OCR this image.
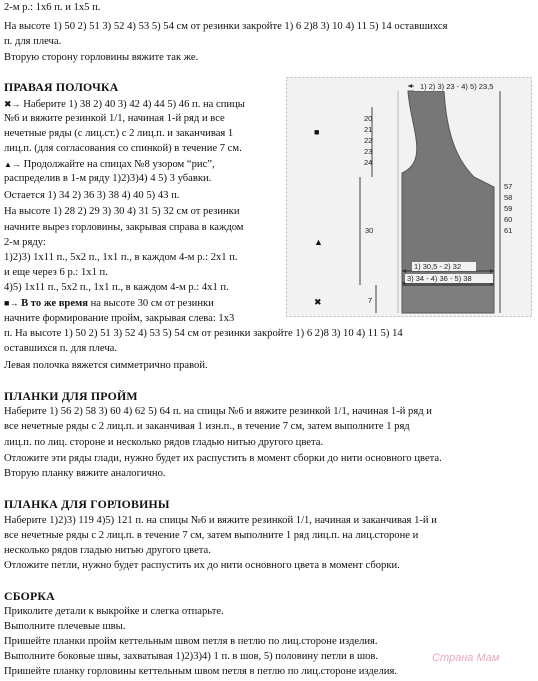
2-м р.: 1х6 п. и 1х5 п.
На высоте 1) 50 2) 51 3) 52 4) 53 5) 54 см от резинки закройте 1) 6 2)8 3) 10 4) 11 5) 14 оставшихся
п. для плеча.
Вторую сторону горловины вяжите так же.
ПРАВАЯ ПОЛОЧКА
✖→ Наберите 1) 38 2) 40 3) 42 4) 44 5) 46 п. на спицы
№6 и вяжите резинкой 1/1, начиная 1-й ряд и все
нечетные ряды (с лиц.ст.) с 2 лиц.п. и заканчивая 1
лиц.п. (для согласования со спинкой) в течение 7 см.
▲→ Продолжайте на спицах №8 узором “рис”,
распределив в 1-м ряду 1)2)3)4) 4 5) 3 убавки.
Остается 1) 34 2) 36 3) 38 4) 40 5) 43 п.
На высоте 1) 28 2) 29 3) 30 4) 31 5) 32 см от резинки
начните вырез горловины, закрывая справа в каждом
2-м ряду:
1)2)3) 1х11 п., 5х2 п., 1х1 п., в каждом 4-м р.: 2х1 п.
и еще через 6 р.: 1х1 п.
4)5) 1х11 п., 5х2 п., 1х1 п., в каждом 4-м р.: 4х1 п.
■→ В то же время на высоте 30 см от резинки
начните формирование пройм, закрывая слева: 1х3
п. На высоте 1) 50 2) 51 3) 52 4) 53 5) 54 см от резинки закройте 1) 6 2)8 3) 10 4) 11 5) 14
оставшихся п. для плеча.
Левая полочка вяжется симметрично правой.
1) 2) 3) 23 - 4) 5) 23,5
20
21
22
23
24
30
57
58
59
60
61
1) 30,5 - 2) 32
3) 34 - 4) 36 - 5) 38
7
■
▲
✖
ПЛАНКИ ДЛЯ ПРОЙМ
Наберите 1) 56 2) 58 3) 60 4) 62 5) 64 п. на спицы №6 и вяжите резинкой 1/1, начиная 1-й ряд и
все нечетные ряды с 2 лиц.п. и заканчивая 1 изн.п., в течение 7 см, затем выполните 1 ряд
лиц.п. по лиц. стороне и несколько рядов гладью нитью другого цвета.
Отложите эти ряды глади, нужно будет их распустить в момент сборки до нити основного цвета.
Вторую планку вяжите аналогично.
ПЛАНКА ДЛЯ ГОРЛОВИНЫ
Наберите 1)2)3) 119 4)5) 121 п. на спицы №6 и вяжите резинкой 1/1, начиная и заканчивая 1-й и
все нечетные ряды с 2 лиц.п. в течение 7 см, затем выполните 1 ряд лиц.п. на лиц.стороне и
несколько рядов гладью нитью другого цвета.
Отложите петли, нужно будет распустить их до нити основного цвета в момент сборки.
СБОРКА
Приколите детали к выкройке и слегка отпарьте.
Выполните плечевые швы.
Пришейте планки пройм кеттельным швом петля в петлю по лиц.стороне изделия.
Выполните боковые швы, захватывая 1)2)3)4) 1 п. в шов, 5) половину петли в шов.
Пришейте планку горловины кеттельным швом петля в петлю по лиц.стороне изделия.
Страна Мам
